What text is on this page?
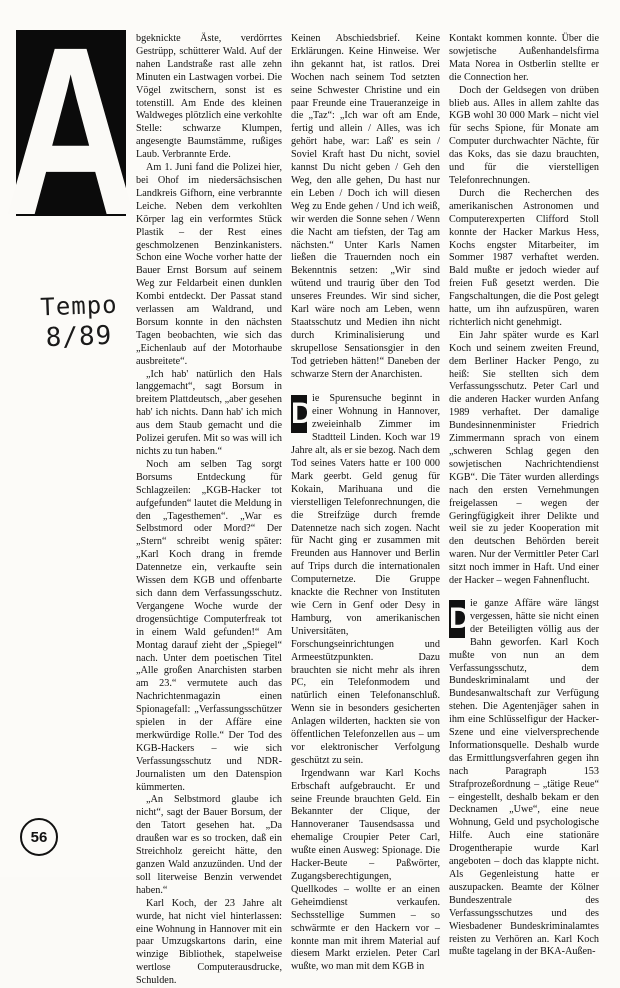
A
Tempo
8/89
56

bgeknickte Äste, verdörrtes Gestrüpp, schütterer Wald. Auf der nahen Landstraße rast alle zehn Minuten ein Lastwagen vorbei. Die Vögel zwitschern, sonst ist es totenstill. Am Ende des kleinen Waldweges plötzlich eine verkohlte Stelle: schwarze Klumpen, angesengte Baumstämme, rußiges Laub. Verbrannte Erde.

Am 1. Juni fand die Polizei hier, bei Ohof im niedersächsischen Landkreis Gifhorn, eine verbrannte Leiche. Neben dem verkohlten Körper lag ein verformtes Stück Plastik – der Rest eines geschmolzenen Benzinkanisters. Schon eine Woche vorher hatte der Bauer Ernst Borsum auf seinem Weg zur Feldarbeit einen dunklen Kombi entdeckt. Der Passat stand verlassen am Waldrand, und Borsum konnte in den nächsten Tagen beobachten, wie sich das „Eichenlaub auf der Motorhaube ausbreitete“.

„Ich hab' natürlich den Hals langgemacht“, sagt Borsum in breitem Plattdeutsch, „aber gesehen hab' ich nichts. Dann hab' ich mich aus dem Staub gemacht und die Polizei gerufen. Mit so was will ich nichts zu tun haben.“

Noch am selben Tag sorgt Borsums Entdeckung für Schlagzeilen: „KGB-Hacker tot aufgefunden“ lautet die Meldung in den „Tagesthemen“. „War es Selbstmord oder Mord?“ Der „Stern“ schreibt wenig später: „Karl Koch drang in fremde Datennetze ein, verkaufte sein Wissen dem KGB und offenbarte sich dann dem Verfassungsschutz. Vergangene Woche wurde der drogensüchtige Computerfreak tot in einem Wald gefunden!“ Am Montag darauf zieht der „Spiegel“ nach. Unter dem poetischen Titel „Alle großen Anarchisten starben am 23.“ vermutete auch das Nachrichtenmagazin einen Spionagefall: „Verfassungsschützer spielen in der Affäre eine merkwürdige Rolle.“ Der Tod des KGB-Hackers – wie sich Verfassungsschutz und NDR-Journalisten um den Datenspion kümmerten.

„An Selbstmord glaube ich nicht“, sagt der Bauer Borsum, der den Tatort gesehen hat. „Da draußen war es so trocken, daß ein Streichholz gereicht hätte, den ganzen Wald anzuzünden. Und der soll literweise Benzin verwendet haben.“

Karl Koch, der 23 Jahre alt wurde, hat nicht viel hinterlassen: eine Wohnung in Hannover mit ein paar Umzugskartons darin, eine winzige Bibliothek, stapelweise wertlose Computerausdrucke, Schulden.

Keinen Abschiedsbrief. Keine Erklärungen. Keine Hinweise. Wer ihn gekannt hat, ist ratlos. Drei Wochen nach seinem Tod setzten seine Schwester Christine und ein paar Freunde eine Traueranzeige in die „Taz“: „Ich war oft am Ende, fertig und allein / Alles, was ich gehört habe, war: Laß' es sein / Soviel Kraft hast Du nicht, soviel kannst Du nicht geben / Geh den Weg, den alle gehen, Du hast nur ein Leben / Doch ich will diesen Weg zu Ende gehen / Und ich weiß, wir werden die Sonne sehen / Wenn die Nacht am tiefsten, der Tag am nächsten.“ Unter Karls Namen ließen die Trauernden noch ein Bekenntnis setzen: „Wir sind wütend und traurig über den Tod unseres Freundes. Wir sind sicher, Karl wäre noch am Leben, wenn Staatsschutz und Medien ihn nicht durch Kriminalisierung und skrupellose Sensationsgier in den Tod getrieben hätten!“ Daneben der schwarze Stern der Anarchisten.

D ie Spurensuche beginnt in einer Wohnung in Hannover, zweieinhalb Zimmer im Stadtteil Linden. Koch war 19 Jahre alt, als er sie bezog. Nach dem Tod seines Vaters hatte er 100 000 Mark geerbt. Geld genug für Kokain, Marihuana und die vierstelligen Telefonrechnungen, die die Streifzüge durch fremde Datennetze nach sich zogen. Nacht für Nacht ging er zusammen mit Freunden aus Hannover und Berlin auf Trips durch die internationalen Computernetze. Die Gruppe knackte die Rechner von Instituten wie Cern in Genf oder Desy in Hamburg, von amerikanischen Universitäten, Forschungseinrichtungen und Armeestützpunkten. Dazu brauchten sie nicht mehr als ihren PC, ein Telefonmodem und natürlich einen Telefonanschluß. Wenn sie in besonders gesicherten Anlagen wilderten, hackten sie von öffentlichen Telefonzellen aus – um vor elektronischer Verfolgung geschützt zu sein.

Irgendwann war Karl Kochs Erbschaft aufgebraucht. Er und seine Freunde brauchten Geld. Ein Bekannter der Clique, der Hannoveraner Tausendsassa und ehemalige Croupier Peter Carl, wußte einen Ausweg: Spionage. Die Hacker-Beute – Paßwörter, Zugangsberechtigungen, Quellkodes – wollte er an einen Geheimdienst verkaufen. Sechsstellige Summen – so schwärmte er den Hackern vor – konnte man mit ihrem Material auf diesem Markt erzielen. Peter Carl wußte, wo man mit dem KGB in

Kontakt kommen konnte. Über die sowjetische Außenhandelsfirma Mata Norea in Ostberlin stellte er die Connection her.

Doch der Geldsegen von drüben blieb aus. Alles in allem zahlte das KGB wohl 30 000 Mark – nicht viel für sechs Spione, für Monate am Computer durchwachter Nächte, für das Koks, das sie dazu brauchten, und für die vierstelligen Telefonrechnungen.

Durch die Recherchen des amerikanischen Astronomen und Computerexperten Clifford Stoll konnte der Hacker Markus Hess, Kochs engster Mitarbeiter, im Sommer 1987 verhaftet werden. Bald mußte er jedoch wieder auf freien Fuß gesetzt werden. Die Fangschaltungen, die die Post gelegt hatte, um ihn aufzuspüren, waren richterlich nicht genehmigt.

Ein Jahr später wurde es Karl Koch und seinem zweiten Freund, dem Berliner Hacker Pengo, zu heiß: Sie stellten sich dem Verfassungsschutz. Peter Carl und die anderen Hacker wurden Anfang 1989 verhaftet. Der damalige Bundesinnenminister Friedrich Zimmermann sprach von einem „schweren Schlag gegen den sowjetischen Nachrichtendienst KGB“. Die Täter wurden allerdings nach den ersten Vernehmungen freigelassen – wegen der Geringfügigkeit ihrer Delikte und weil sie zu jeder Kooperation mit den deutschen Behörden bereit waren. Nur der Vermittler Peter Carl sitzt noch immer in Haft. Und einer der Hacker – wegen Fahnenflucht.

D ie ganze Affäre wäre längst vergessen, hätte sie nicht einen der Beteiligten völlig aus der Bahn geworfen. Karl Koch mußte von nun an dem Verfassungsschutz, dem Bundeskriminalamt und der Bundesanwaltschaft zur Verfügung stehen. Die Agentenjäger sahen in ihm eine Schlüsselfigur der Hacker-Szene und eine vielversprechende Informationsquelle. Deshalb wurde das Ermittlungsverfahren gegen ihn nach Paragraph 153 Strafprozeßordnung – „tätige Reue“ – eingestellt, deshalb bekam er den Decknamen „Uwe“, eine neue Wohnung, Geld und psychologische Hilfe. Auch eine stationäre Drogentherapie wurde Karl angeboten – doch das klappte nicht. Als Gegenleistung hatte er auszupacken. Beamte der Kölner Bundeszentrale des Verfassungsschutzes und des Wiesbadener Bundeskriminalamtes reisten zu Verhören an. Karl Koch mußte tagelang in der BKA-Außen-
